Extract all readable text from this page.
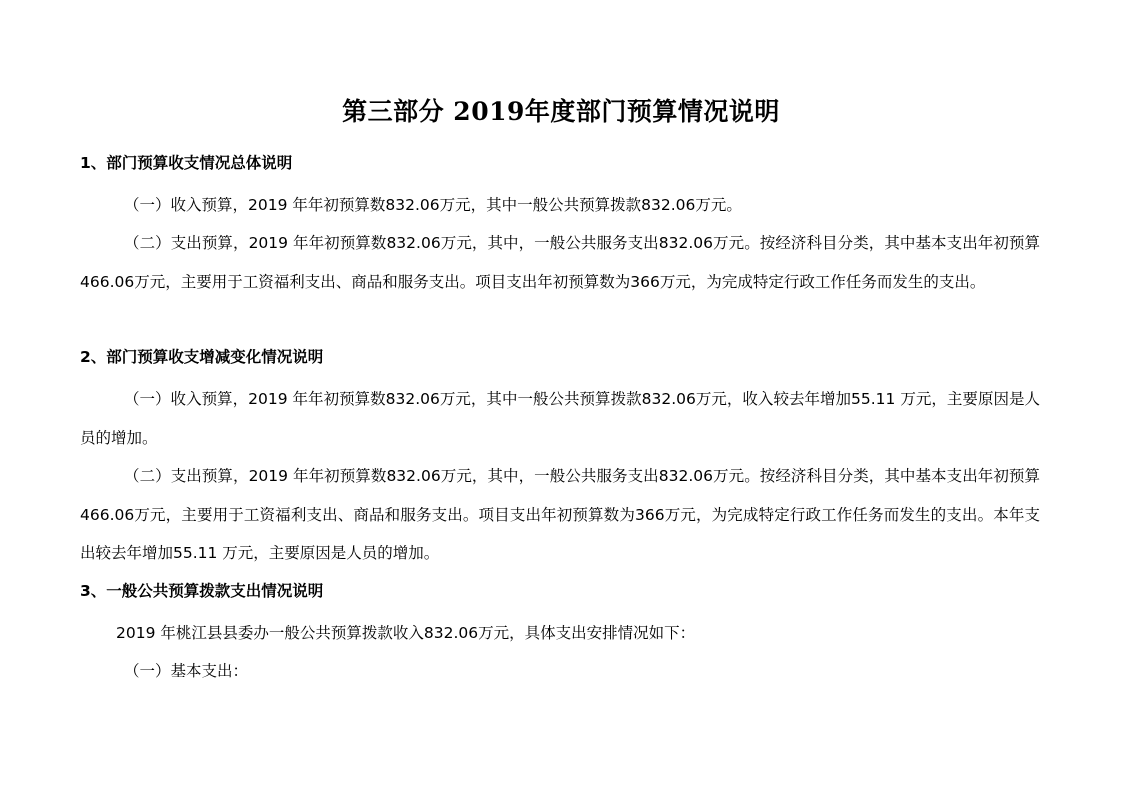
第三部分 2019年度部门预算情况说明
1、部门预算收支情况总体说明
（一）收入预算，2019 年年初预算数832.06万元，其中一般公共预算拨款832.06万元。
（二）支出预算，2019 年年初预算数832.06万元，其中，一般公共服务支出832.06万元。按经济科目分类，其中基本支出年初预算466.06万元，主要用于工资福利支出、商品和服务支出。项目支出年初预算数为366万元，为完成特定行政工作任务而发生的支出。
2、部门预算收支增减变化情况说明
（一）收入预算，2019 年年初预算数832.06万元，其中一般公共预算拨款832.06万元，收入较去年增加55.11 万元，主要原因是人员的增加。
（二）支出预算，2019 年年初预算数832.06万元，其中，一般公共服务支出832.06万元。按经济科目分类，其中基本支出年初预算466.06万元，主要用于工资福利支出、商品和服务支出。项目支出年初预算数为366万元，为完成特定行政工作任务而发生的支出。本年支出较去年增加55.11 万元，主要原因是人员的增加。
3、一般公共预算拨款支出情况说明
2019 年桃江县县委办一般公共预算拨款收入832.06万元，具体支出安排情况如下：
（一）基本支出：
